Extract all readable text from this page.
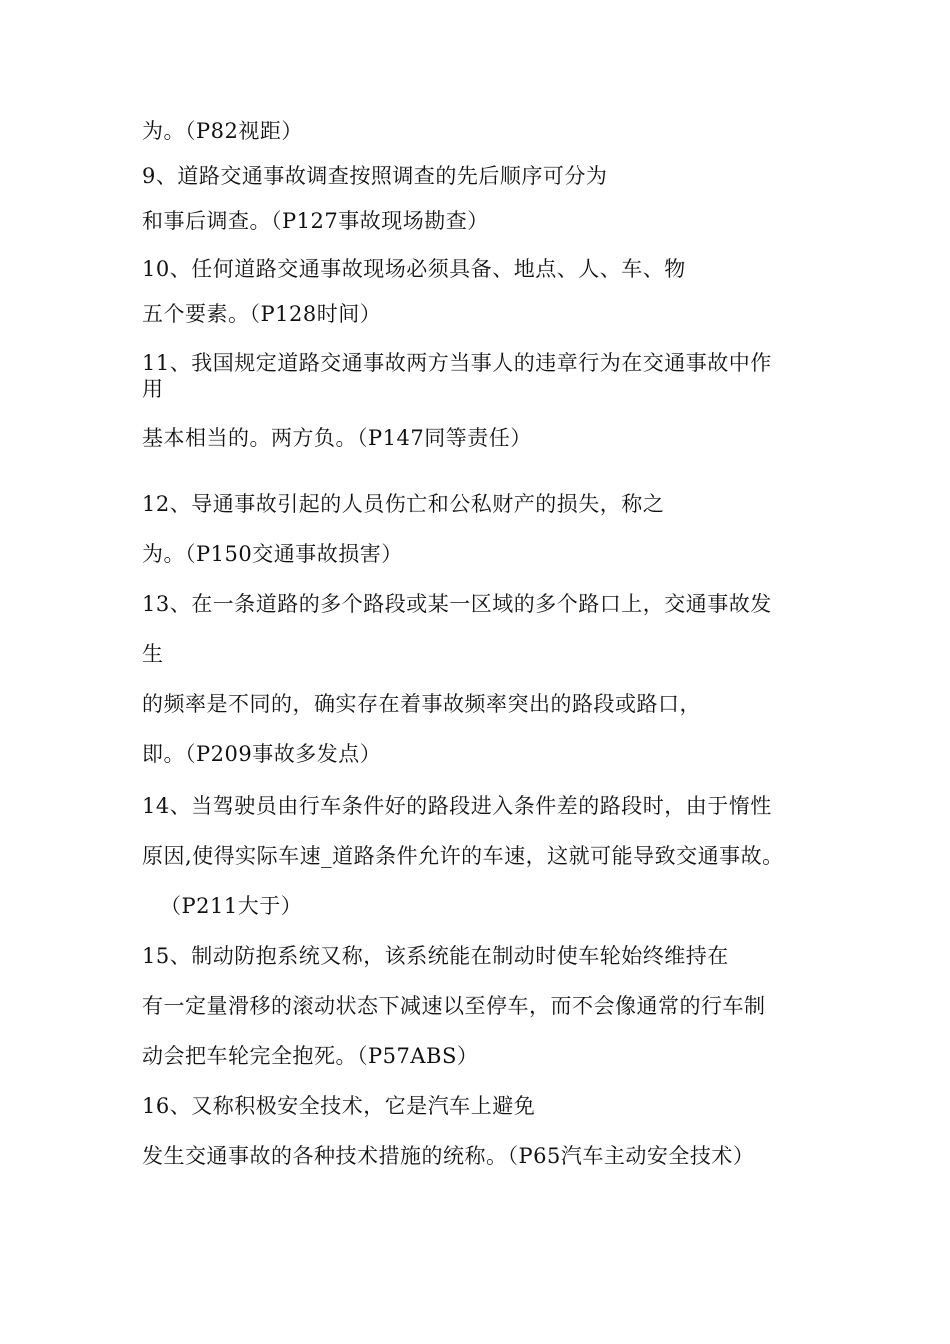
为。（P82视距）
9、道路交通事故调查按照调查的先后顺序可分为
和事后调查。（P127事故现场勘查）
10、任何道路交通事故现场必须具备、地点、人、车、物
五个要素。（P128时间）
11、我国规定道路交通事故两方当事人的违章行为在交通事故中作
用
基本相当的。两方负。（P147同等责任）
12、导通事故引起的人员伤亡和公私财产的损失，称之
为。（P150交通事故损害）
13、在一条道路的多个路段或某一区域的多个路口上，交通事故发
生
的频率是不同的，确实存在着事故频率突出的路段或路口，
即。（P209事故多发点）
14、当驾驶员由行车条件好的路段进入条件差的路段时，由于惰性
原因,使得实际车速_道路条件允许的车速，这就可能导致交通事故。
（P211大于）
15、制动防抱系统又称，该系统能在制动时使车轮始终维持在
有一定量滑移的滚动状态下减速以至停车，而不会像通常的行车制
动会把车轮完全抱死。（P57ABS）
16、又称积极安全技术，它是汽车上避免
发生交通事故的各种技术措施的统称。（P65汽车主动安全技术）
